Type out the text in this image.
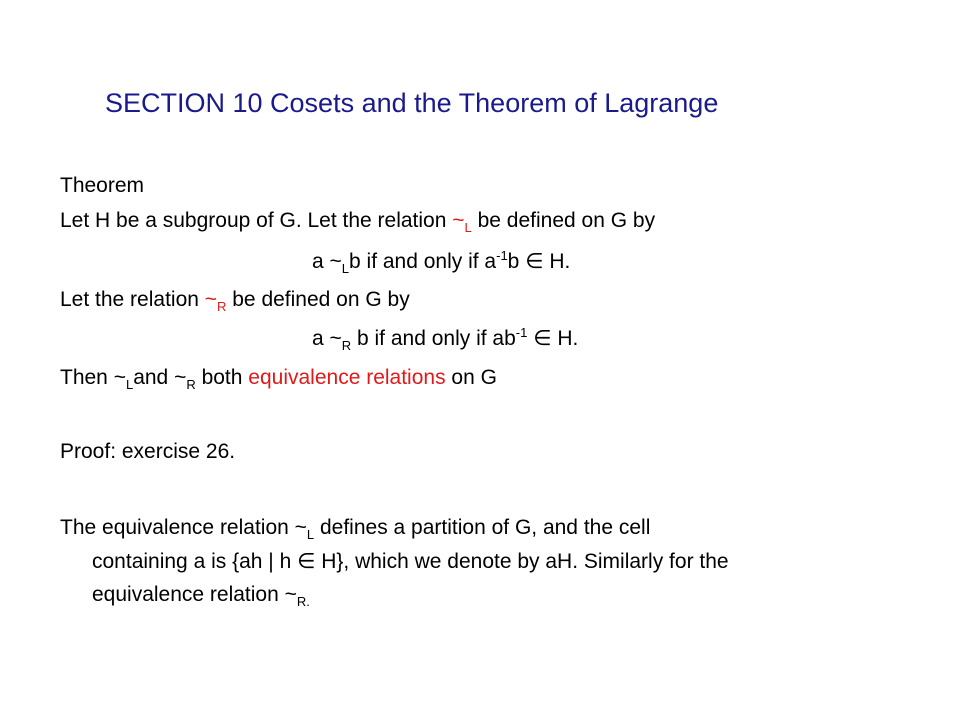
SECTION 10 Cosets and the Theorem of Lagrange
Theorem
Let H be a subgroup of G. Let the relation $\sim_L$ be defined on G by
a $\sim_Lb$ if and only if $a^{-1}b$ ∈ H.
Let the relation $\sim_R$ be defined on G by
a $\sim_R$ b if and only if $ab^{-1}$ ∈ H.
Then $\sim_Land$ $\sim_R$ both equivalence relations on G
Proof: exercise 26.
The equivalence relation $\sim_L$ defines a partition of G, and the cell
containing a is {ah | h ∈ H}, which we denote by aH. Similarly for the
equivalence relation $\sim_{R.}$
